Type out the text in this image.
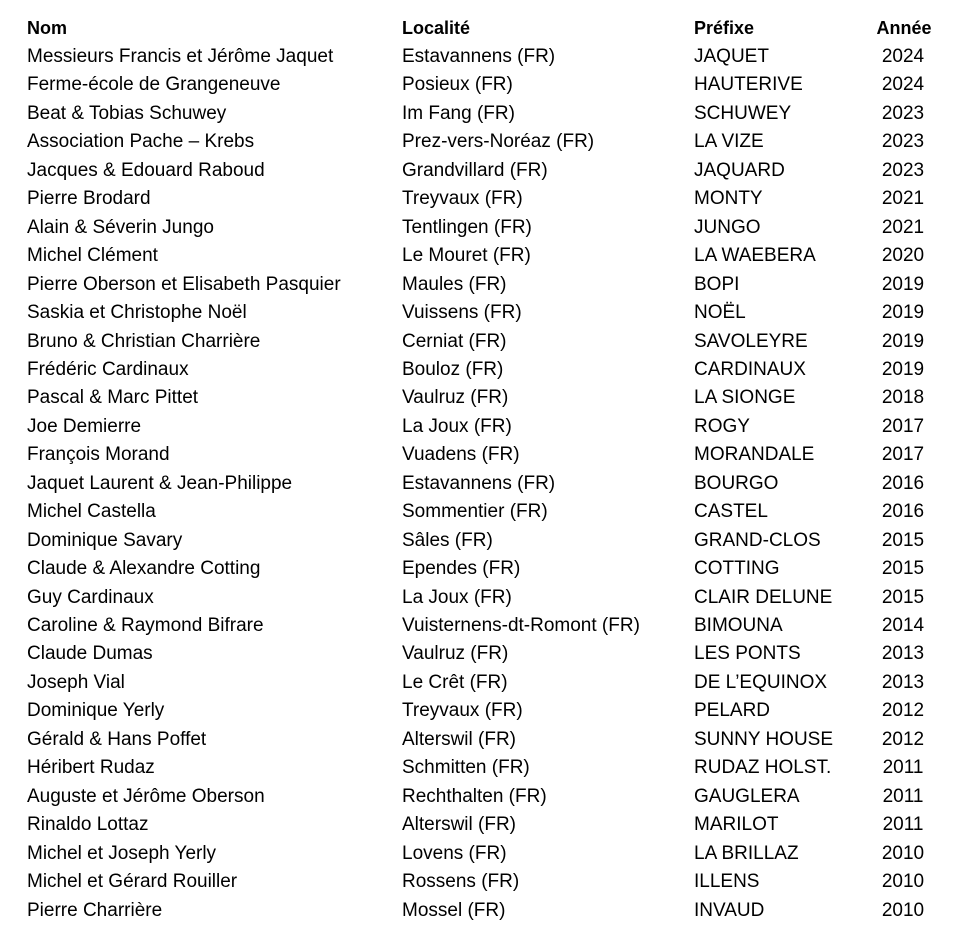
Nom	Localité	Préfixe	Année
Messieurs Francis et Jérôme Jaquet	Estavannens (FR)	JAQUET	2024
Ferme-école de Grangeneuve	Posieux (FR)	HAUTERIVE	2024
Beat & Tobias Schuwey	Im Fang (FR)	SCHUWEY	2023
Association Pache – Krebs	Prez-vers-Noréaz (FR)	LA VIZE	2023
Jacques & Edouard Raboud	Grandvillard (FR)	JAQUARD	2023
Pierre Brodard	Treyvaux (FR)	MONTY	2021
Alain & Séverin Jungo	Tentlingen (FR)	JUNGO	2021
Michel Clément	Le Mouret (FR)	LA WAEBERA	2020
Pierre Oberson et Elisabeth Pasquier	Maules (FR)	BOPI	2019
Saskia et Christophe Noël	Vuissens (FR)	NOËL	2019
Bruno & Christian Charrière	Cerniat (FR)	SAVOLEYRE	2019
Frédéric Cardinaux	Bouloz (FR)	CARDINAUX	2019
Pascal & Marc Pittet	Vaulruz (FR)	LA SIONGE	2018
Joe Demierre	La Joux (FR)	ROGY	2017
François Morand	Vuadens (FR)	MORANDALE	2017
Jaquet Laurent & Jean-Philippe	Estavannens (FR)	BOURGO	2016
Michel Castella	Sommentier (FR)	CASTEL	2016
Dominique Savary	Sâles (FR)	GRAND-CLOS	2015
Claude & Alexandre Cotting	Ependes (FR)	COTTING	2015
Guy Cardinaux	La Joux (FR)	CLAIR DELUNE	2015
Caroline & Raymond Bifrare	Vuisternens-dt-Romont (FR)	BIMOUNA	2014
Claude Dumas	Vaulruz (FR)	LES PONTS	2013
Joseph Vial	Le Crêt (FR)	DE L’EQUINOX	2013
Dominique Yerly	Treyvaux (FR)	PELARD	2012
Gérald & Hans Poffet	Alterswil (FR)	SUNNY HOUSE	2012
Héribert Rudaz	Schmitten (FR)	RUDAZ HOLST.	2011
Auguste et Jérôme Oberson	Rechthalten (FR)	GAUGLERA	2011
Rinaldo Lottaz	Alterswil (FR)	MARILOT	2011
Michel et Joseph Yerly	Lovens (FR)	LA BRILLAZ	2010
Michel et Gérard Rouiller	Rossens (FR)	ILLENS	2010
Pierre Charrière	Mossel (FR)	INVAUD	2010
